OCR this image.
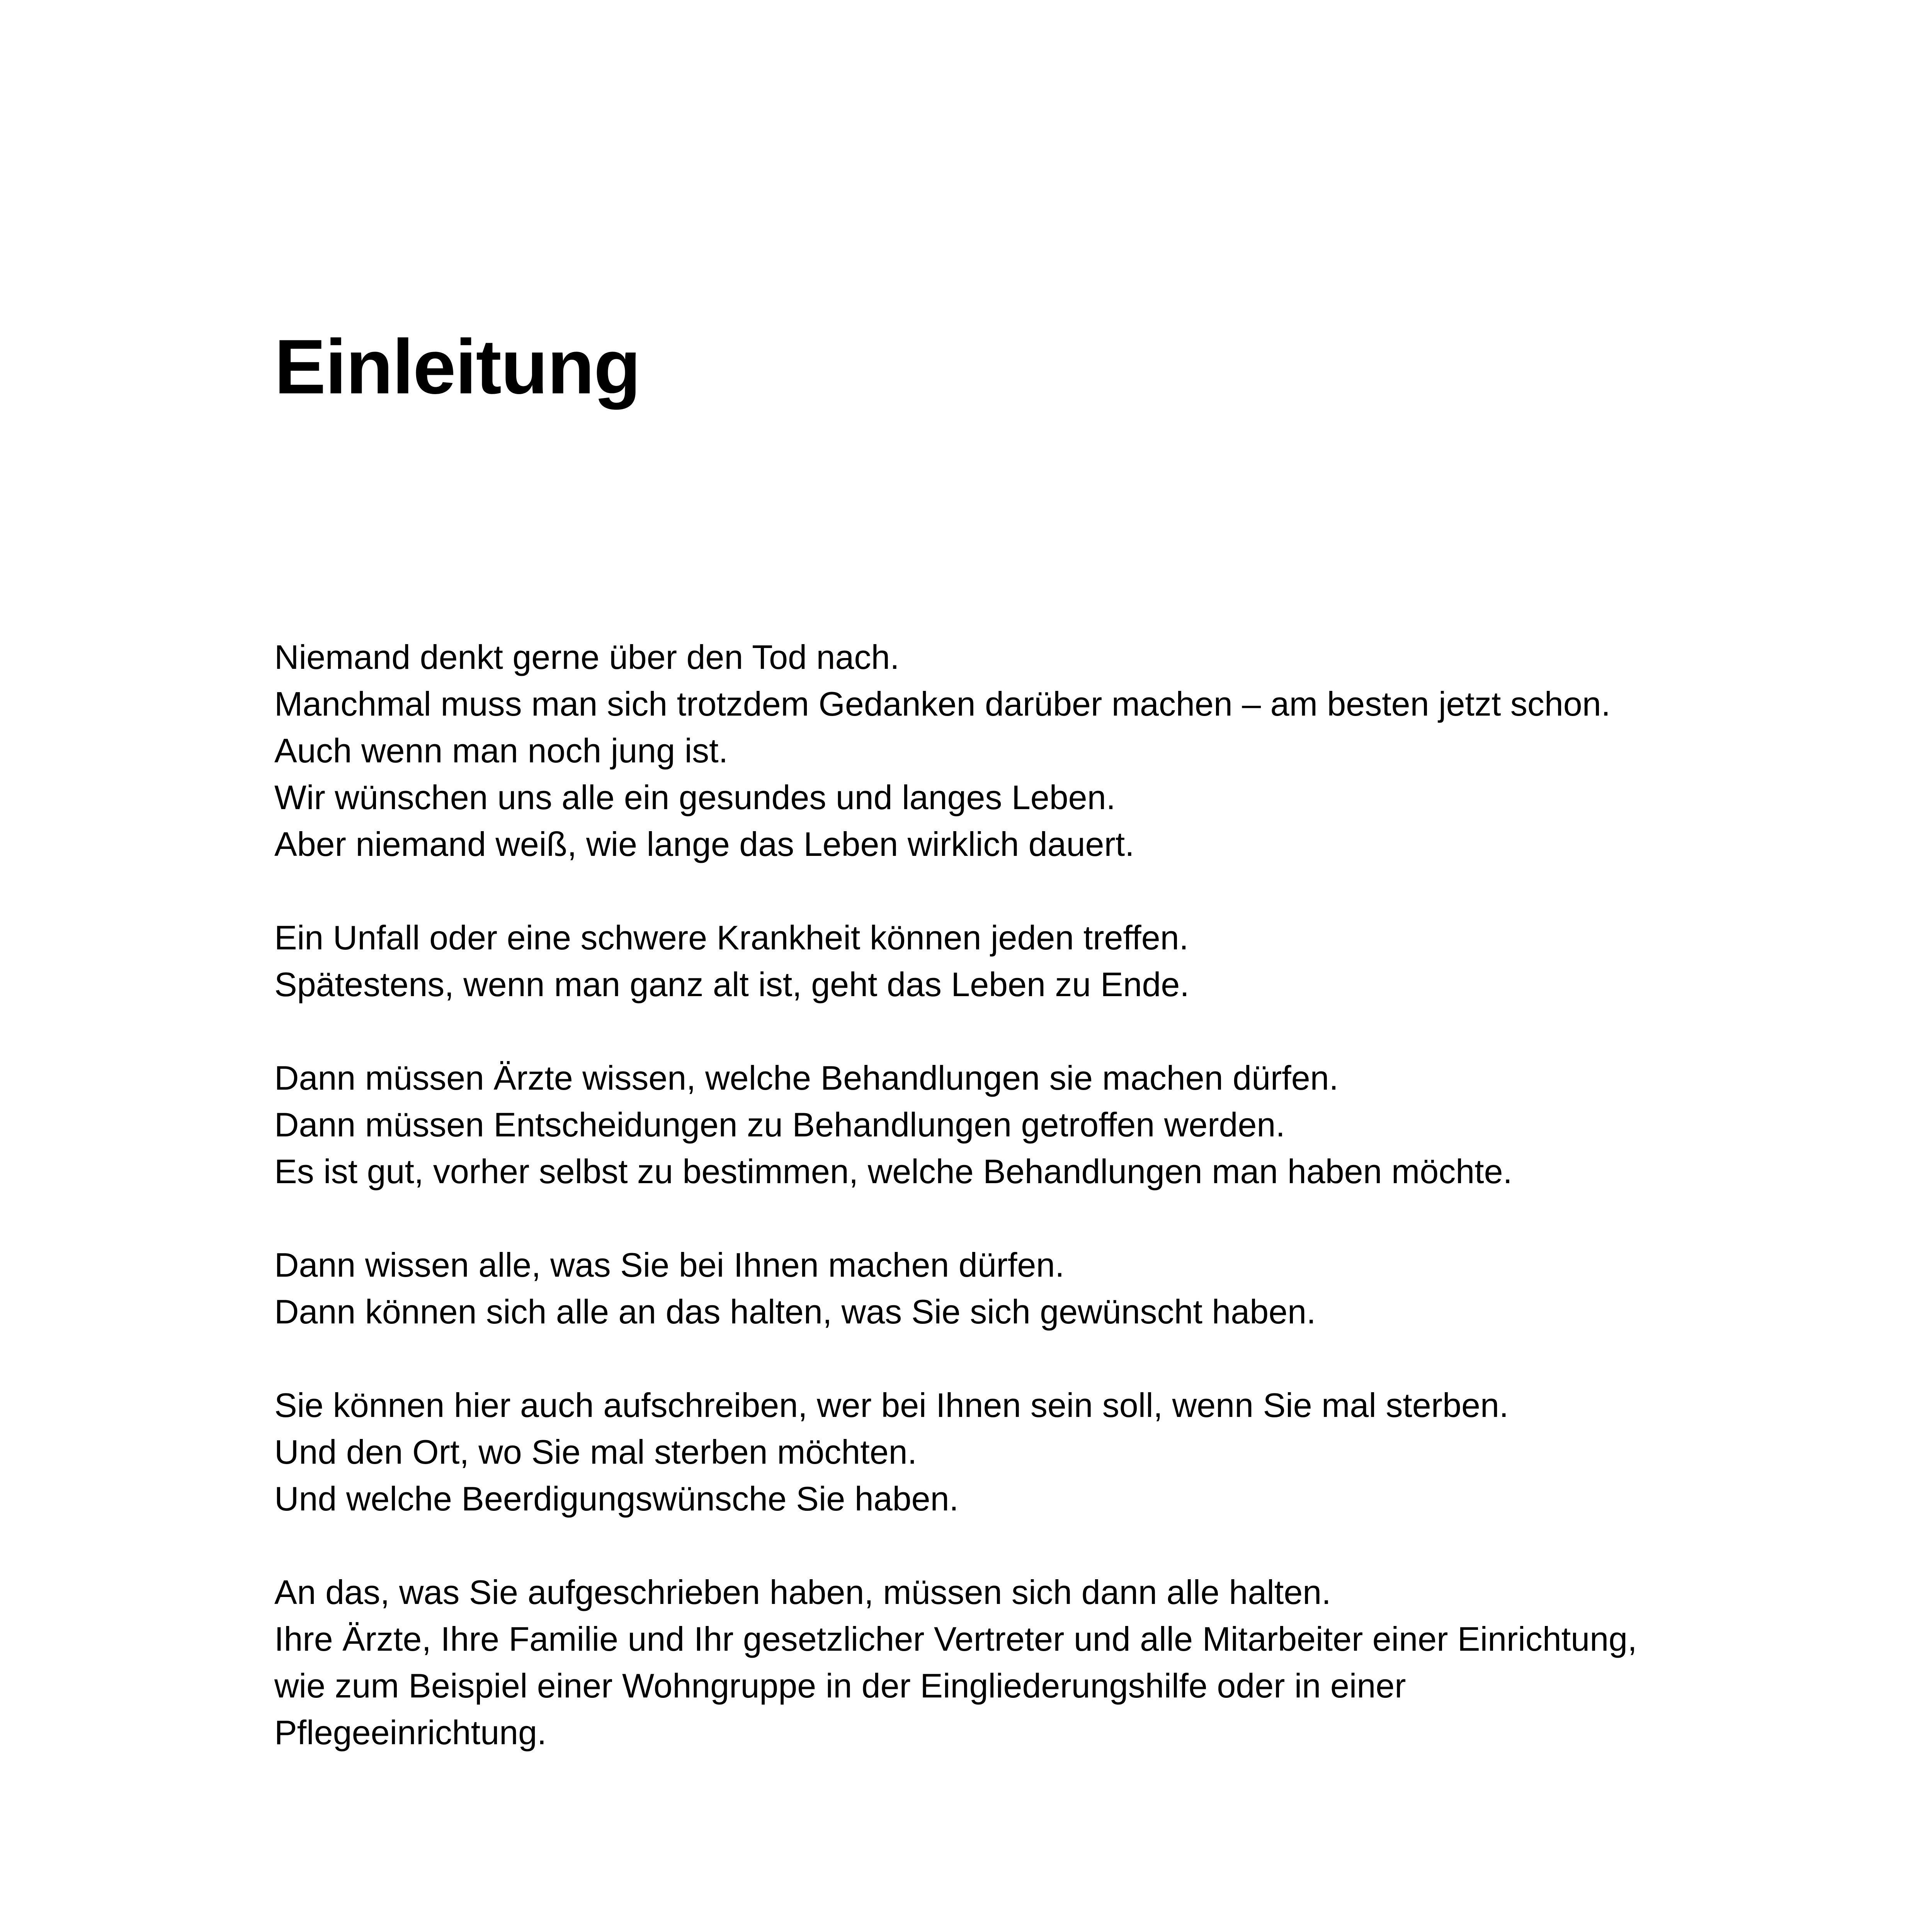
Einleitung

Niemand denkt gerne über den Tod nach.
Manchmal muss man sich trotzdem Gedanken darüber machen – am besten jetzt schon.
Auch wenn man noch jung ist.
Wir wünschen uns alle ein gesundes und langes Leben.
Aber niemand weiß, wie lange das Leben wirklich dauert.

Ein Unfall oder eine schwere Krankheit können jeden treffen.
Spätestens, wenn man ganz alt ist, geht das Leben zu Ende.

Dann müssen Ärzte wissen, welche Behandlungen sie machen dürfen.
Dann müssen Entscheidungen zu Behandlungen getroffen werden.
Es ist gut, vorher selbst zu bestimmen, welche Behandlungen man haben möchte.

Dann wissen alle, was Sie bei Ihnen machen dürfen.
Dann können sich alle an das halten, was Sie sich gewünscht haben.

Sie können hier auch aufschreiben, wer bei Ihnen sein soll, wenn Sie mal sterben.
Und den Ort, wo Sie mal sterben möchten.
Und welche Beerdigungswünsche Sie haben.

An das, was Sie aufgeschrieben haben, müssen sich dann alle halten.
Ihre Ärzte, Ihre Familie und Ihr gesetzlicher Vertreter und alle Mitarbeiter einer Einrichtung,
wie zum Beispiel einer Wohngruppe in der Eingliederungshilfe oder in einer
Pflegeeinrichtung.
